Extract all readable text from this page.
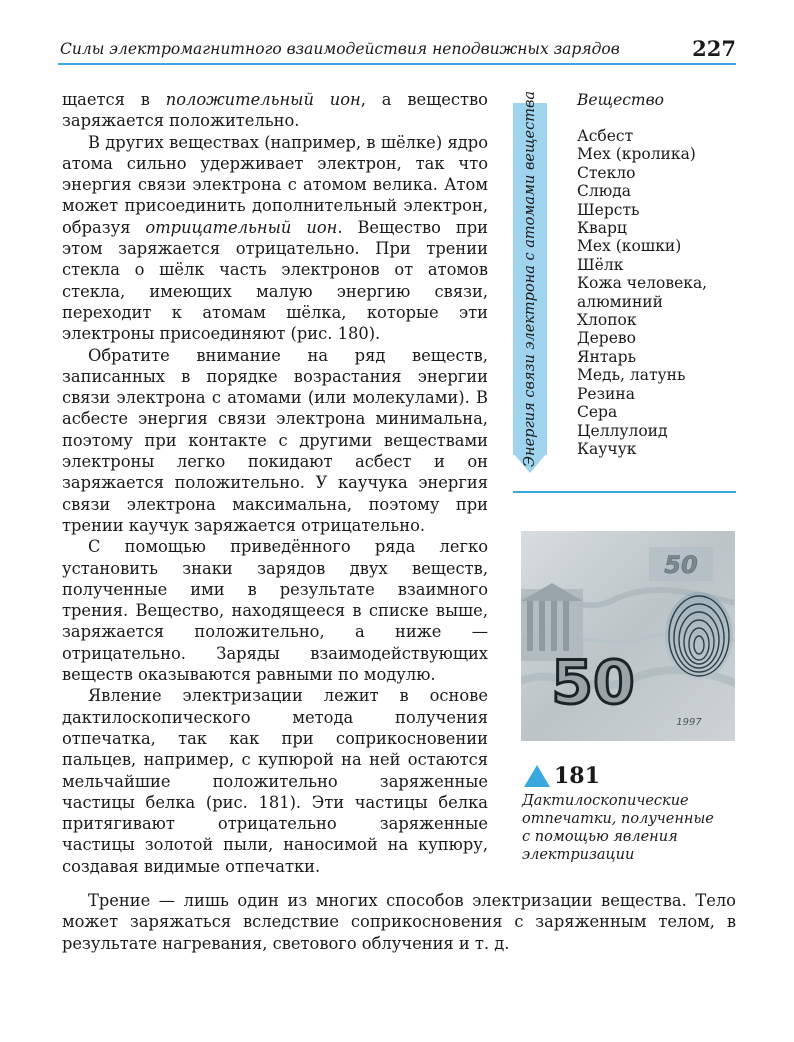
Силы электромагнитного взаимодействия неподвижных зарядов	227

щается в положительный ион, а вещество заряжается положительно.

В других веществах (например, в шёлке) ядро атома сильно удерживает электрон, так что энергия связи электрона с атомом велика. Атом может присоединить дополнительный электрон, образуя отрицательный ион. Вещество при этом заряжается отрицательно. При трении стекла о шёлк часть электронов от атомов стекла, имеющих малую энергию связи, переходит к атомам шёлка, которые эти электроны присоединяют (рис. 180).

Обратите внимание на ряд веществ, записанных в порядке возрастания энергии связи электрона с атомами (или молекулами). В асбесте энергия связи электрона минимальна, поэтому при контакте с другими веществами электроны легко покидают асбест и он заряжается положительно. У каучука энергия связи электрона максимальна, поэтому при трении каучук заряжается отрицательно.

С помощью приведённого ряда легко установить знаки зарядов двух веществ, полученные ими в результате взаимного трения. Вещество, находящееся в списке выше, заряжается положительно, а ниже — отрицательно. Заряды взаимодействующих веществ оказываются равными по модулю.

Явление электризации лежит в основе дактилоскопического метода получения отпечатка, так как при соприкосновении пальцев, например, с купюрой на ней остаются мельчайшие положительно заряженные частицы белка (рис. 181). Эти частицы белка притягивают отрицательно заряженные частицы золотой пыли, наносимой на купюру, создавая видимые отпечатки.

Трение — лишь один из многих способов электризации вещества. Тело может заряжаться вследствие соприкосновения с заряженным телом, в результате нагревания, светового облучения и т. д.

Энергия связи электрона с атомами вещества	Вещество
Асбест
Мех (кролика)
Стекло
Слюда
Шерсть
Кварц
Мех (кошки)
Шёлк
Кожа человека,
алюминий
Хлопок
Дерево
Янтарь
Медь, латунь
Резина
Сера
Целлулоид
Каучук
50
50
1997
181

Дактилоскопические
отпечатки, полученные
с помощью явления
электризации
